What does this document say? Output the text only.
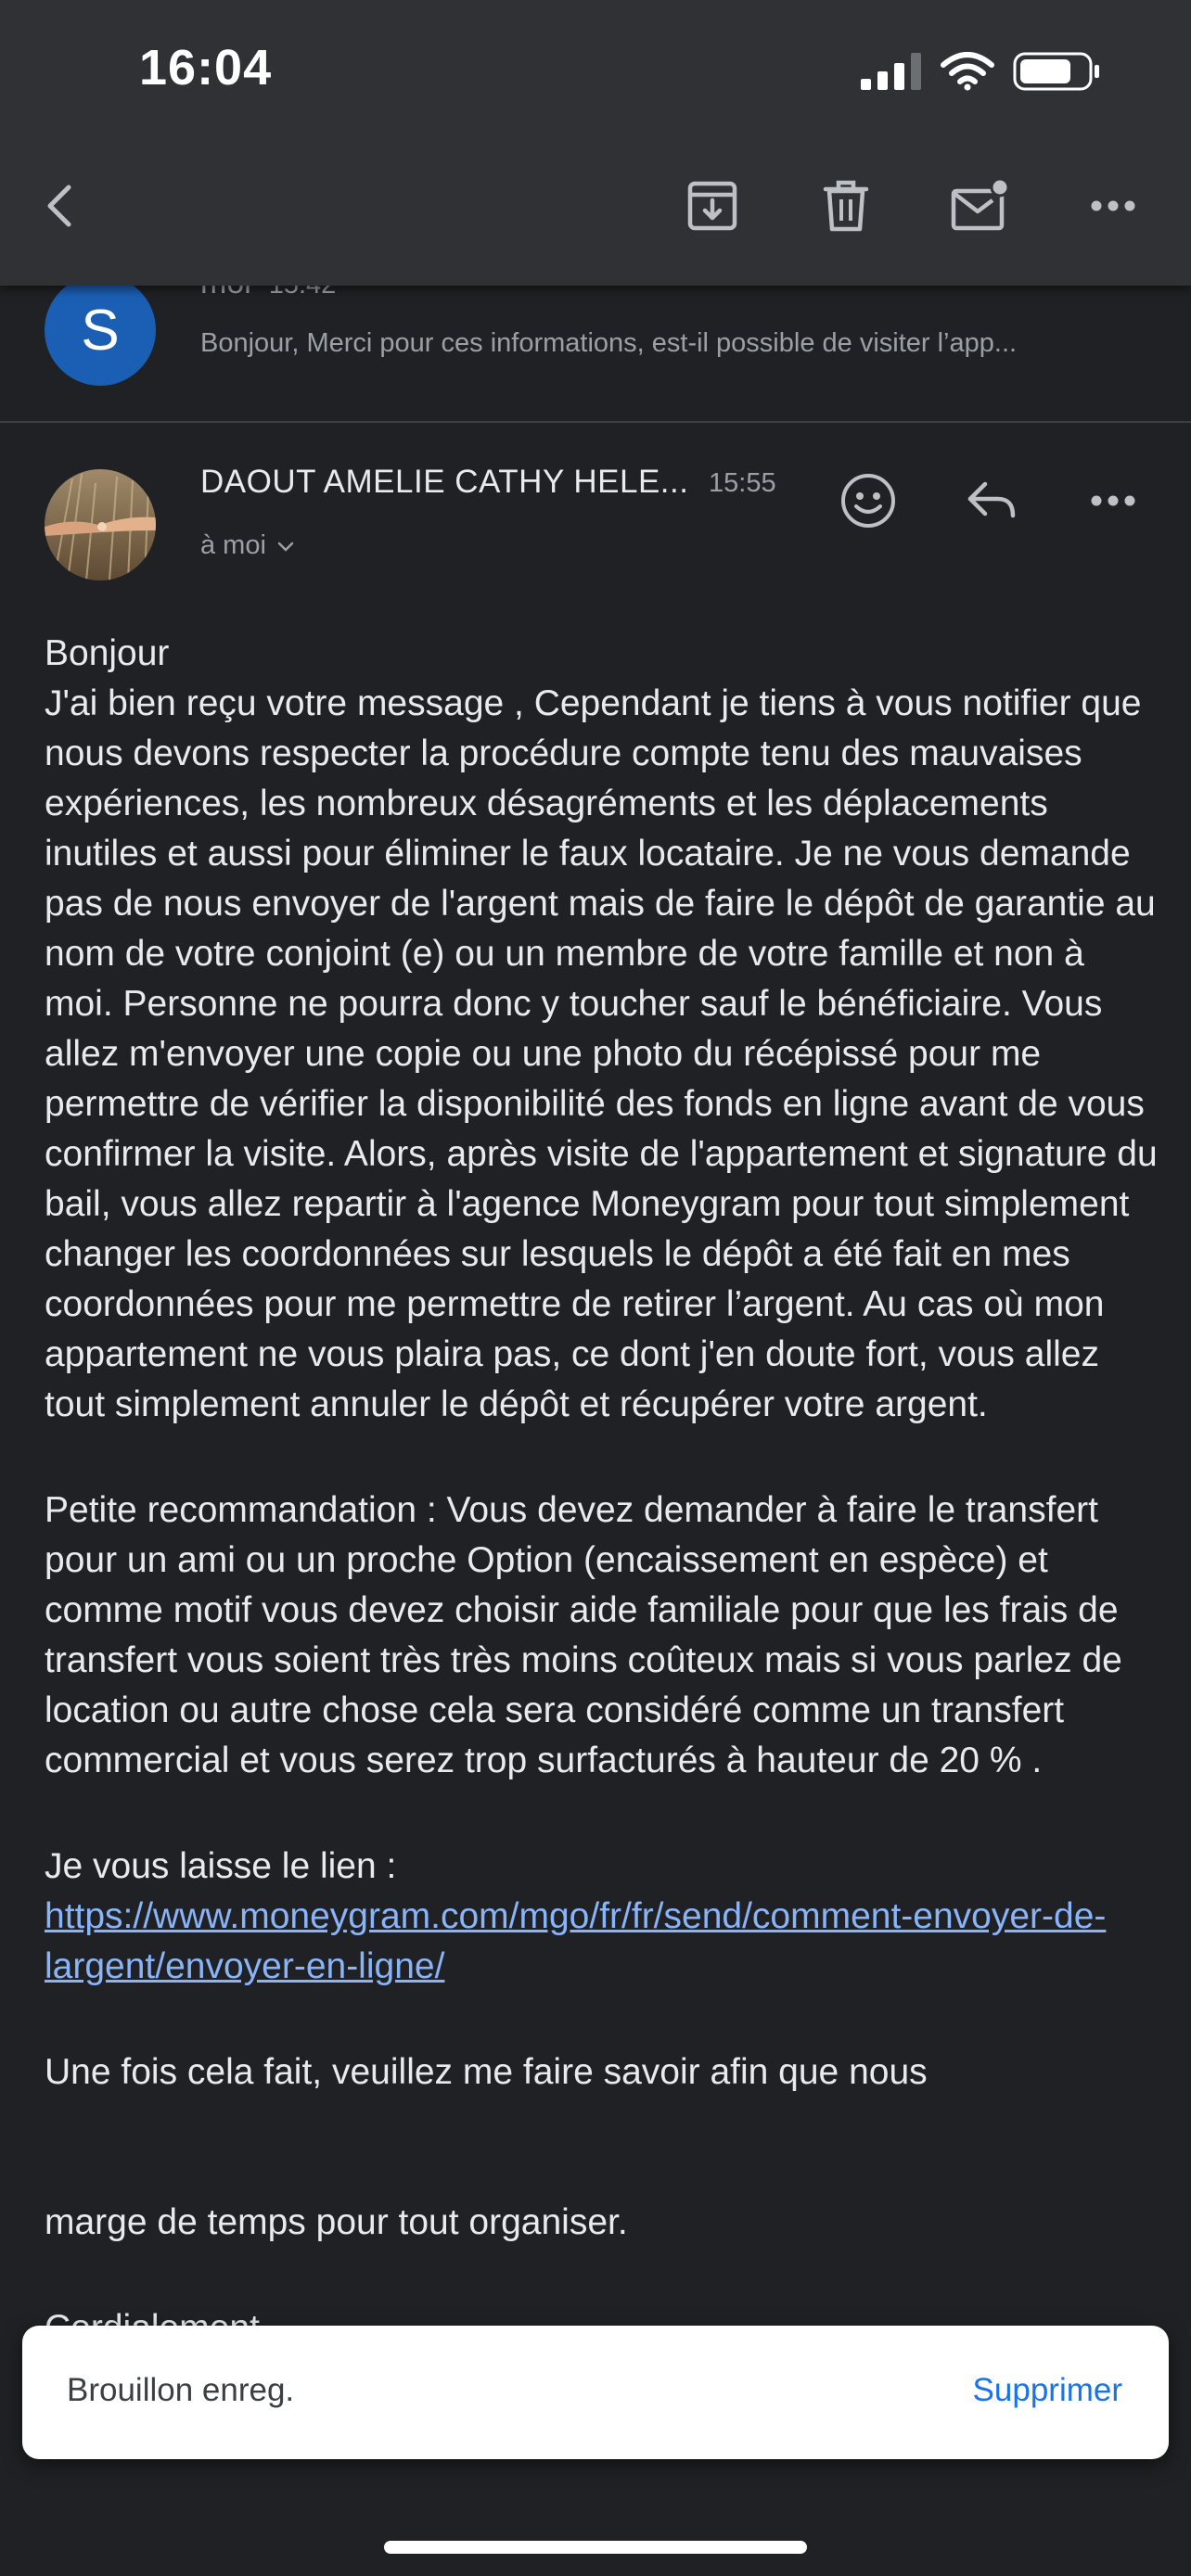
S
	Bonjour, Merci pour ces informations, est-il possible de visiter l’app...
DAOUT AMELIE CATHY HELE... 15:55
à moi

Bonjour
J'ai bien reçu votre message , Cependant je tiens à vous notifier que nous devons respecter la procédure compte tenu des mauvaises expériences, les nombreux désagréments et les déplacements inutiles et aussi pour éliminer le faux locataire. Je ne vous demande pas de nous envoyer de l'argent mais de faire le dépôt de garantie au nom de votre conjoint (e) ou un membre de votre famille et non à moi. Personne ne pourra donc y toucher sauf le bénéficiaire. Vous allez m'envoyer une copie ou une photo du récépissé pour me permettre de vérifier la disponibilité des fonds en ligne avant de vous confirmer la visite. Alors, après visite de l'appartement et signature du bail, vous allez repartir à l'agence Moneygram pour tout simplement changer les coordonnées sur lesquels le dépôt a été fait en mes coordonnées pour me permettre de retirer l’argent. Au cas où mon appartement ne vous plaira pas, ce dont j'en doute fort, vous allez tout simplement annuler le dépôt et récupérer votre argent.

Petite recommandation : Vous devez demander à faire le transfert pour un ami ou un proche Option (encaissement en espèce) et comme motif vous devez choisir aide familiale pour que les frais de transfert vous soient très très moins coûteux mais si vous parlez de location ou autre chose cela sera considéré comme un transfert commercial et vous serez trop surfacturés à hauteur de 20 % .

Je vous laisse le lien :  https://www.moneygram.com/mgo/fr/fr/send/comment-envoyer-de-largent/envoyer-en-ligne/

Une fois cela fait, veuillez me faire savoir afin que nous

marge de temps pour tout organiser.

16:04
Brouillon enreg.	Supprimer
